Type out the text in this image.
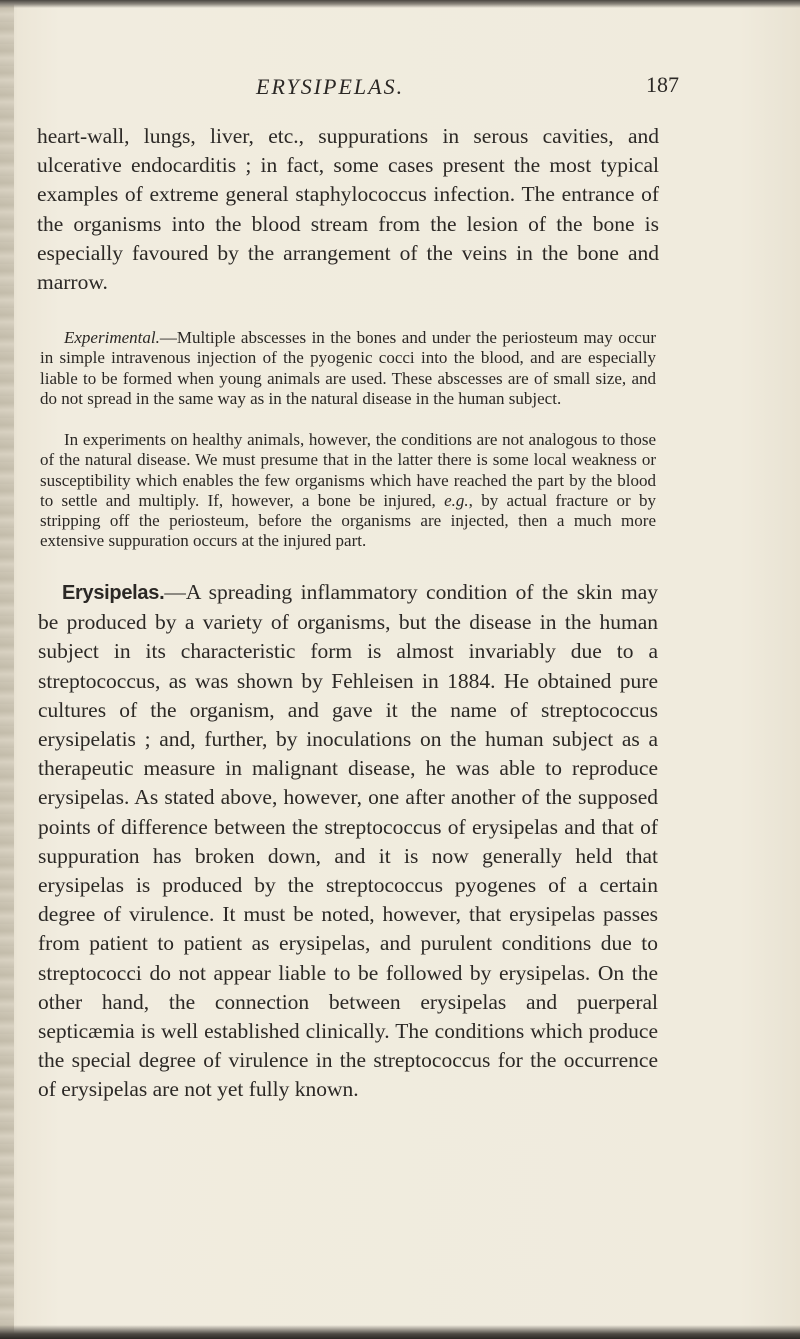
ERYSIPELAS.	187
heart-wall, lungs, liver, etc., suppurations in serous cavities, and ulcerative endocarditis ; in fact, some cases present the most typical examples of extreme general staphylococcus infection. The entrance of the organisms into the blood stream from the lesion of the bone is especially favoured by the arrangement of the veins in the bone and marrow.
Experimental.—Multiple abscesses in the bones and under the periosteum may occur in simple intravenous injection of the pyogenic cocci into the blood, and are especially liable to be formed when young animals are used. These abscesses are of small size, and do not spread in the same way as in the natural disease in the human subject.
In experiments on healthy animals, however, the conditions are not analogous to those of the natural disease. We must presume that in the latter there is some local weakness or susceptibility which enables the few organisms which have reached the part by the blood to settle and multiply. If, however, a bone be injured, e.g., by actual fracture or by stripping off the periosteum, before the organisms are injected, then a much more extensive suppuration occurs at the injured part.
Erysipelas.—A spreading inflammatory condition of the skin may be produced by a variety of organisms, but the disease in the human subject in its characteristic form is almost invariably due to a streptococcus, as was shown by Fehleisen in 1884. He obtained pure cultures of the organism, and gave it the name of streptococcus erysipelatis ; and, further, by inoculations on the human subject as a therapeutic measure in malignant disease, he was able to reproduce erysipelas. As stated above, however, one after another of the supposed points of difference between the streptococcus of erysipelas and that of suppuration has broken down, and it is now generally held that erysipelas is produced by the streptococcus pyogenes of a certain degree of virulence. It must be noted, however, that erysipelas passes from patient to patient as erysipelas, and purulent conditions due to streptococci do not appear liable to be followed by erysipelas. On the other hand, the connection between erysipelas and puerperal septicæmia is well established clinically. The conditions which produce the special degree of virulence in the streptococcus for the occurrence of erysipelas are not yet fully known.
